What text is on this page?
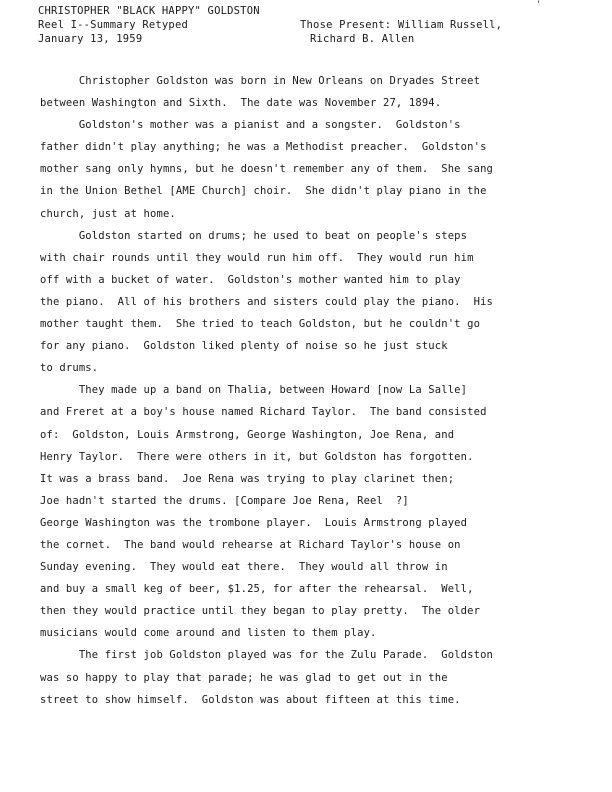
'
CHRISTOPHER "BLACK HAPPY" GOLDSTON
Reel I--Summary Retyped
January 13, 1959
Those Present: William Russell,
Richard B. Allen
Christopher Goldston was born in New Orleans on Dryades Street
between Washington and Sixth.  The date was November 27, 1894.
Goldston's mother was a pianist and a songster.  Goldston's
father didn't play anything; he was a Methodist preacher.  Goldston's
mother sang only hymns, but he doesn't remember any of them.  She sang
in the Union Bethel [AME Church] choir.  She didn't play piano in the
church, just at home.
Goldston started on drums; he used to beat on people's steps
with chair rounds until they would run him off.  They would run him
off with a bucket of water.  Goldston's mother wanted him to play
the piano.  All of his brothers and sisters could play the piano.  His
mother taught them.  She tried to teach Goldston, but he couldn't go
for any piano.  Goldston liked plenty of noise so he just stuck
to drums.
They made up a band on Thalia, between Howard [now La Salle]
and Freret at a boy's house named Richard Taylor.  The band consisted
of:  Goldston, Louis Armstrong, George Washington, Joe Rena, and
Henry Taylor.  There were others in it, but Goldston has forgotten.
It was a brass band.  Joe Rena was trying to play clarinet then;
Joe hadn't started the drums. [Compare Joe Rena, Reel  ?]
George Washington was the trombone player.  Louis Armstrong played
the cornet.  The band would rehearse at Richard Taylor's house on
Sunday evening.  They would eat there.  They would all throw in
and buy a small keg of beer, $1.25, for after the rehearsal.  Well,
then they would practice until they began to play pretty.  The older
musicians would come around and listen to them play.
The first job Goldston played was for the Zulu Parade.  Goldston
was so happy to play that parade; he was glad to get out in the
street to show himself.  Goldston was about fifteen at this time.
